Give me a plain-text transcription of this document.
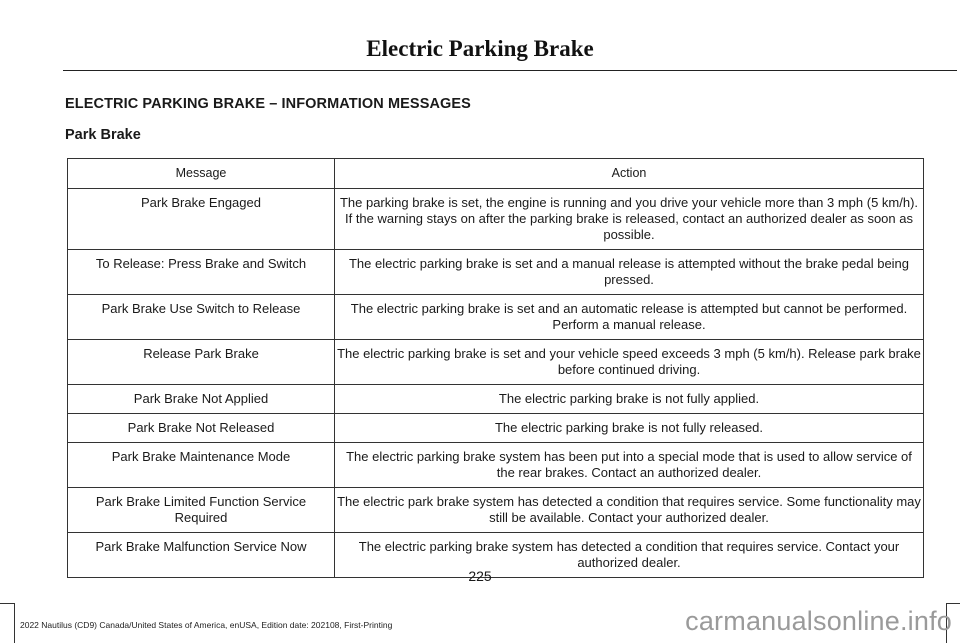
Electric Parking Brake
ELECTRIC PARKING BRAKE – INFORMATION MESSAGES
Park Brake
Message	Action
Park Brake Engaged	The parking brake is set, the engine is running and you drive your vehicle more than 3 mph (5 km/h). If the warning stays on after the parking brake is released, contact an authorized dealer as soon as possible.
To Release: Press Brake and Switch	The electric parking brake is set and a manual release is attempted without the brake pedal being pressed.
Park Brake Use Switch to Release	The electric parking brake is set and an automatic release is attempted but cannot be performed. Perform a manual release.
Release Park Brake	The electric parking brake is set and your vehicle speed exceeds 3 mph (5 km/h). Release park brake before continued driving.
Park Brake Not Applied	The electric parking brake is not fully applied.
Park Brake Not Released	The electric parking brake is not fully released.
Park Brake Maintenance Mode	The electric parking brake system has been put into a special mode that is used to allow service of the rear brakes. Contact an authorized dealer.
Park Brake Limited Function Service Required	The electric park brake system has detected a condition that requires service. Some functionality may still be available. Contact your authorized dealer.
Park Brake Malfunction Service Now	The electric parking brake system has detected a condition that requires service. Contact your authorized dealer.
225
2022 Nautilus (CD9) Canada/United States of America, enUSA, Edition date: 202108, First-Printing	carmanualsonline.info
